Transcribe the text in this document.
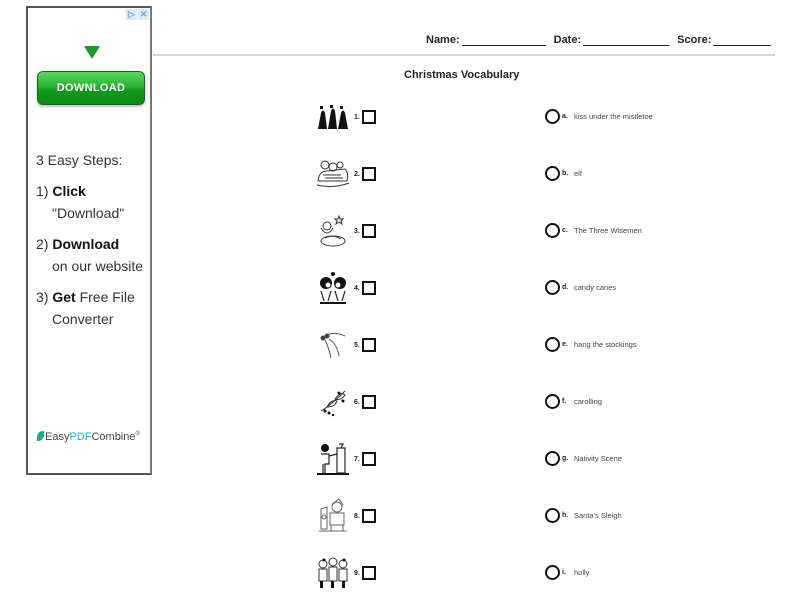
▷ ✕
DOWNLOAD
3 Easy Steps:
1) Click
"Download"
2) Download
on our website
3) Get Free File
Converter
EasyPDFCombine®
Name:	Date:	Score:
Christmas Vocabulary
1.
2.
3.
4.
5.
6.
7.
8.
9.
a. kiss under the mistletoe
b. elf
c. The Three Wisemen
d. candy canes
e. hang the stockings
f.	carolling
g. Nativity Scene
h. Santa's Sleigh
i.	holly
